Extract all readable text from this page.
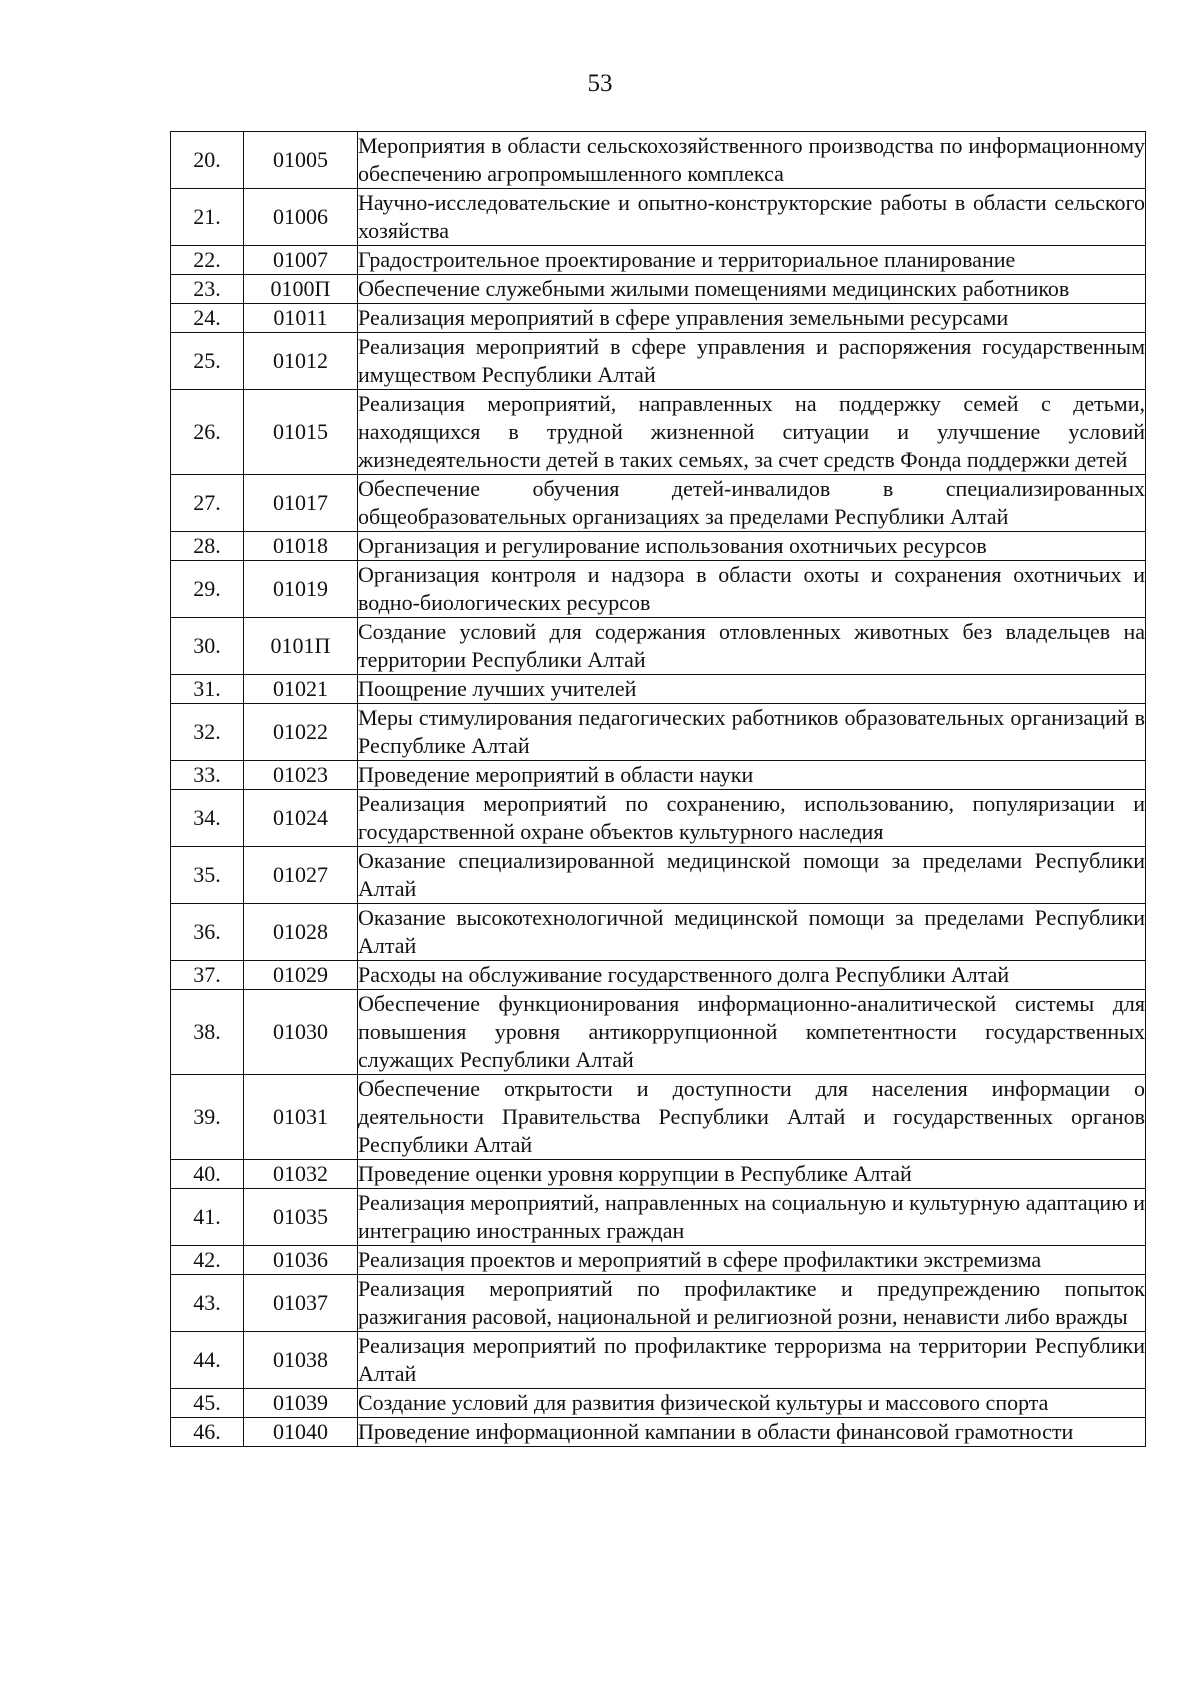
53
20.	01005	Мероприятия в области сельскохозяйственного производства по информационному обеспечению агропромышленного комплекса
21.	01006	Научно-исследовательские и опытно-конструкторские работы в области сельского хозяйства
22.	01007	Градостроительное проектирование и территориальное планирование
23.	0100П	Обеспечение служебными жилыми помещениями медицинских работников
24.	01011	Реализация мероприятий в сфере управления земельными ресурсами
25.	01012	Реализация мероприятий в сфере управления и распоряжения государственным имуществом Республики Алтай
26.	01015	Реализация мероприятий, направленных на поддержку семей с детьми, находящихся в трудной жизненной ситуации и улучшение условий жизнедеятельности детей в таких семьях, за счет средств Фонда поддержки детей
27.	01017	Обеспечение обучения детей-инвалидов в специализированных общеобразовательных организациях за пределами Республики Алтай
28.	01018	Организация и регулирование использования охотничьих ресурсов
29.	01019	Организация контроля и надзора в области охоты и сохранения охотничьих и водно-биологических ресурсов
30.	0101П	Создание условий для содержания отловленных животных без владельцев на территории Республики Алтай
31.	01021	Поощрение лучших учителей
32.	01022	Меры стимулирования педагогических работников образовательных организаций в Республике Алтай
33.	01023	Проведение мероприятий в области науки
34.	01024	Реализация мероприятий по сохранению, использованию, популяризации и государственной охране объектов культурного наследия
35.	01027	Оказание специализированной медицинской помощи за пределами Республики Алтай
36.	01028	Оказание высокотехнологичной медицинской помощи за пределами Республики Алтай
37.	01029	Расходы на обслуживание государственного долга Республики Алтай
38.	01030	Обеспечение функционирования информационно-аналитической системы для повышения уровня антикоррупционной компетентности государственных служащих Республики Алтай
39.	01031	Обеспечение открытости и доступности для населения информации о деятельности Правительства Республики Алтай и государственных органов Республики Алтай
40.	01032	Проведение оценки уровня коррупции в Республике Алтай
41.	01035	Реализация мероприятий, направленных на социальную и культурную адаптацию и интеграцию иностранных граждан
42.	01036	Реализация проектов и мероприятий в сфере профилактики экстремизма
43.	01037	Реализация мероприятий по профилактике и предупреждению попыток разжигания расовой, национальной и религиозной розни, ненависти либо вражды
44.	01038	Реализация мероприятий по профилактике терроризма на территории Республики Алтай
45.	01039	Создание условий для развития физической культуры и массового спорта
46.	01040	Проведение информационной кампании в области финансовой грамотности
